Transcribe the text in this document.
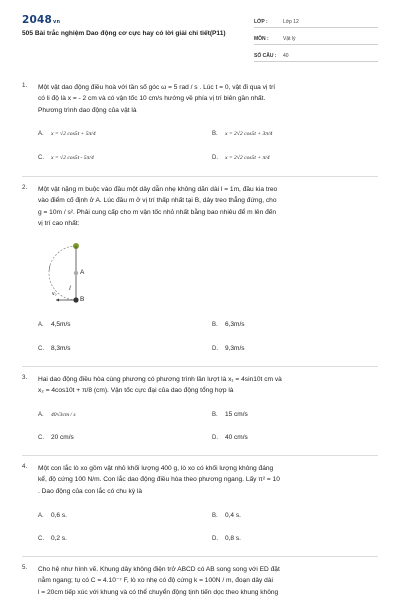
2048vn
505 Bài trắc nghiệm Dao động cơ cực hay có lời giải chi tiết(P11)
LỚP :	Lớp 12
MÔN :	Vật lý
SỐ CÂU : 40
1. Một vật dao động điều hoà với tần số góc ω = 5 rad / s . Lúc t = 0, vật đi qua vị trí
có li độ là x = - 2 cm và có vận tốc 10 cm/s hướng về phía vị trí biên gần nhất.
Phương trình dao động của vật là
A. x = √2 cos5t + 5π/4	B. x = 2√2 cos5t + 3π/4
C. x = √2 cos5t - 5π/4	D. x = 2√2 cos5t + π/4
2. Một vật nặng m buộc vào đầu một dây dẫn nhẹ không dãn dài l = 1m, đầu kia treo
vào điểm cố định ở A. Lúc đầu m ở vị trí thấp nhất tại B, dây treo thẳng đứng, cho
g = 10m / s². Phải cung cấp cho m vận tốc nhỏ nhất bằng bao nhiêu để m lên đến
vị trí cao nhất:
A
B
l
v₀
A. 4,5m/s	B. 6,3m/s
C. 8,3m/s	D. 9,3m/s
3. Hai dao động điều hòa cùng phương có phương trình lần lượt là x₁ = 4sin10t cm và
x₂ = 4cos10t + π/8 (cm). Vận tốc cực đại của dao động tổng hợp là
A. 40√3cm / s	B. 15 cm/s
C. 20 cm/s	D. 40 cm/s
4. Một con lắc lò xo gồm vật nhỏ khối lượng 400 g, lò xo có khối lượng không đáng
kể, độ cứng 100 N/m. Con lắc dao động điều hòa theo phương ngang. Lấy π² = 10
. Dao động của con lắc có chu kỳ là
A. 0,6 s.	B. 0,4 s.
C. 0,2 s.	D. 0,8 s.
5. Cho hệ như hình vẽ. Khung dây không điện trở ABCD có AB song song với ED đặt
nằm ngang; tụ có C = 4.10⁻⁷ F, lò xo nhẹ có độ cứng k = 100N / m, đoạn dây dài
l = 20cm tiếp xúc với khung và có thể chuyển động tịnh tiến dọc theo khung không
